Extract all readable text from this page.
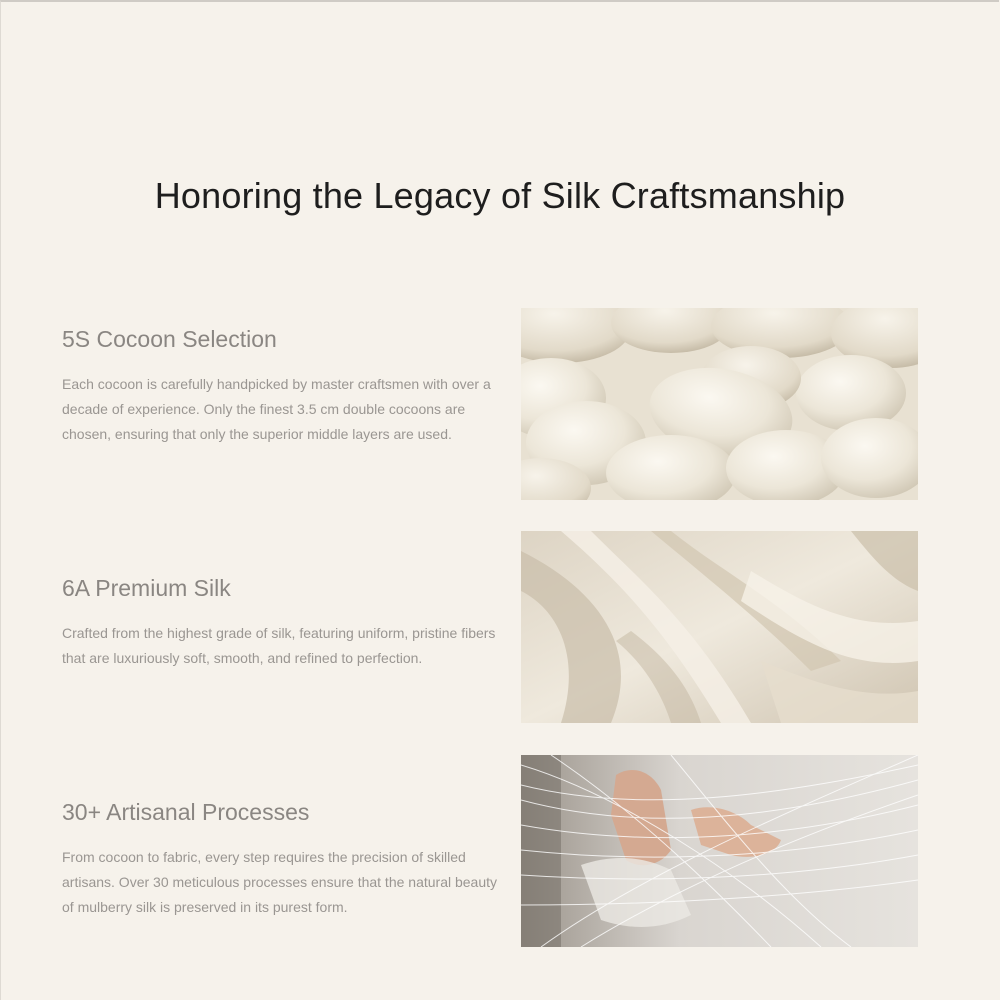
Honoring the Legacy of Silk Craftsmanship
5S Cocoon Selection

Each cocoon is carefully handpicked by master craftsmen with over a decade of experience. Only the finest 3.5 cm double cocoons are chosen, ensuring that only the superior middle layers are used.

6A Premium Silk

Crafted from the highest grade of silk, featuring uniform, pristine fibers that are luxuriously soft, smooth, and refined to perfection.

30+ Artisanal Processes

From cocoon to fabric, every step requires the precision of skilled artisans. Over 30 meticulous processes ensure that the natural beauty of mulberry silk is preserved in its purest form.
